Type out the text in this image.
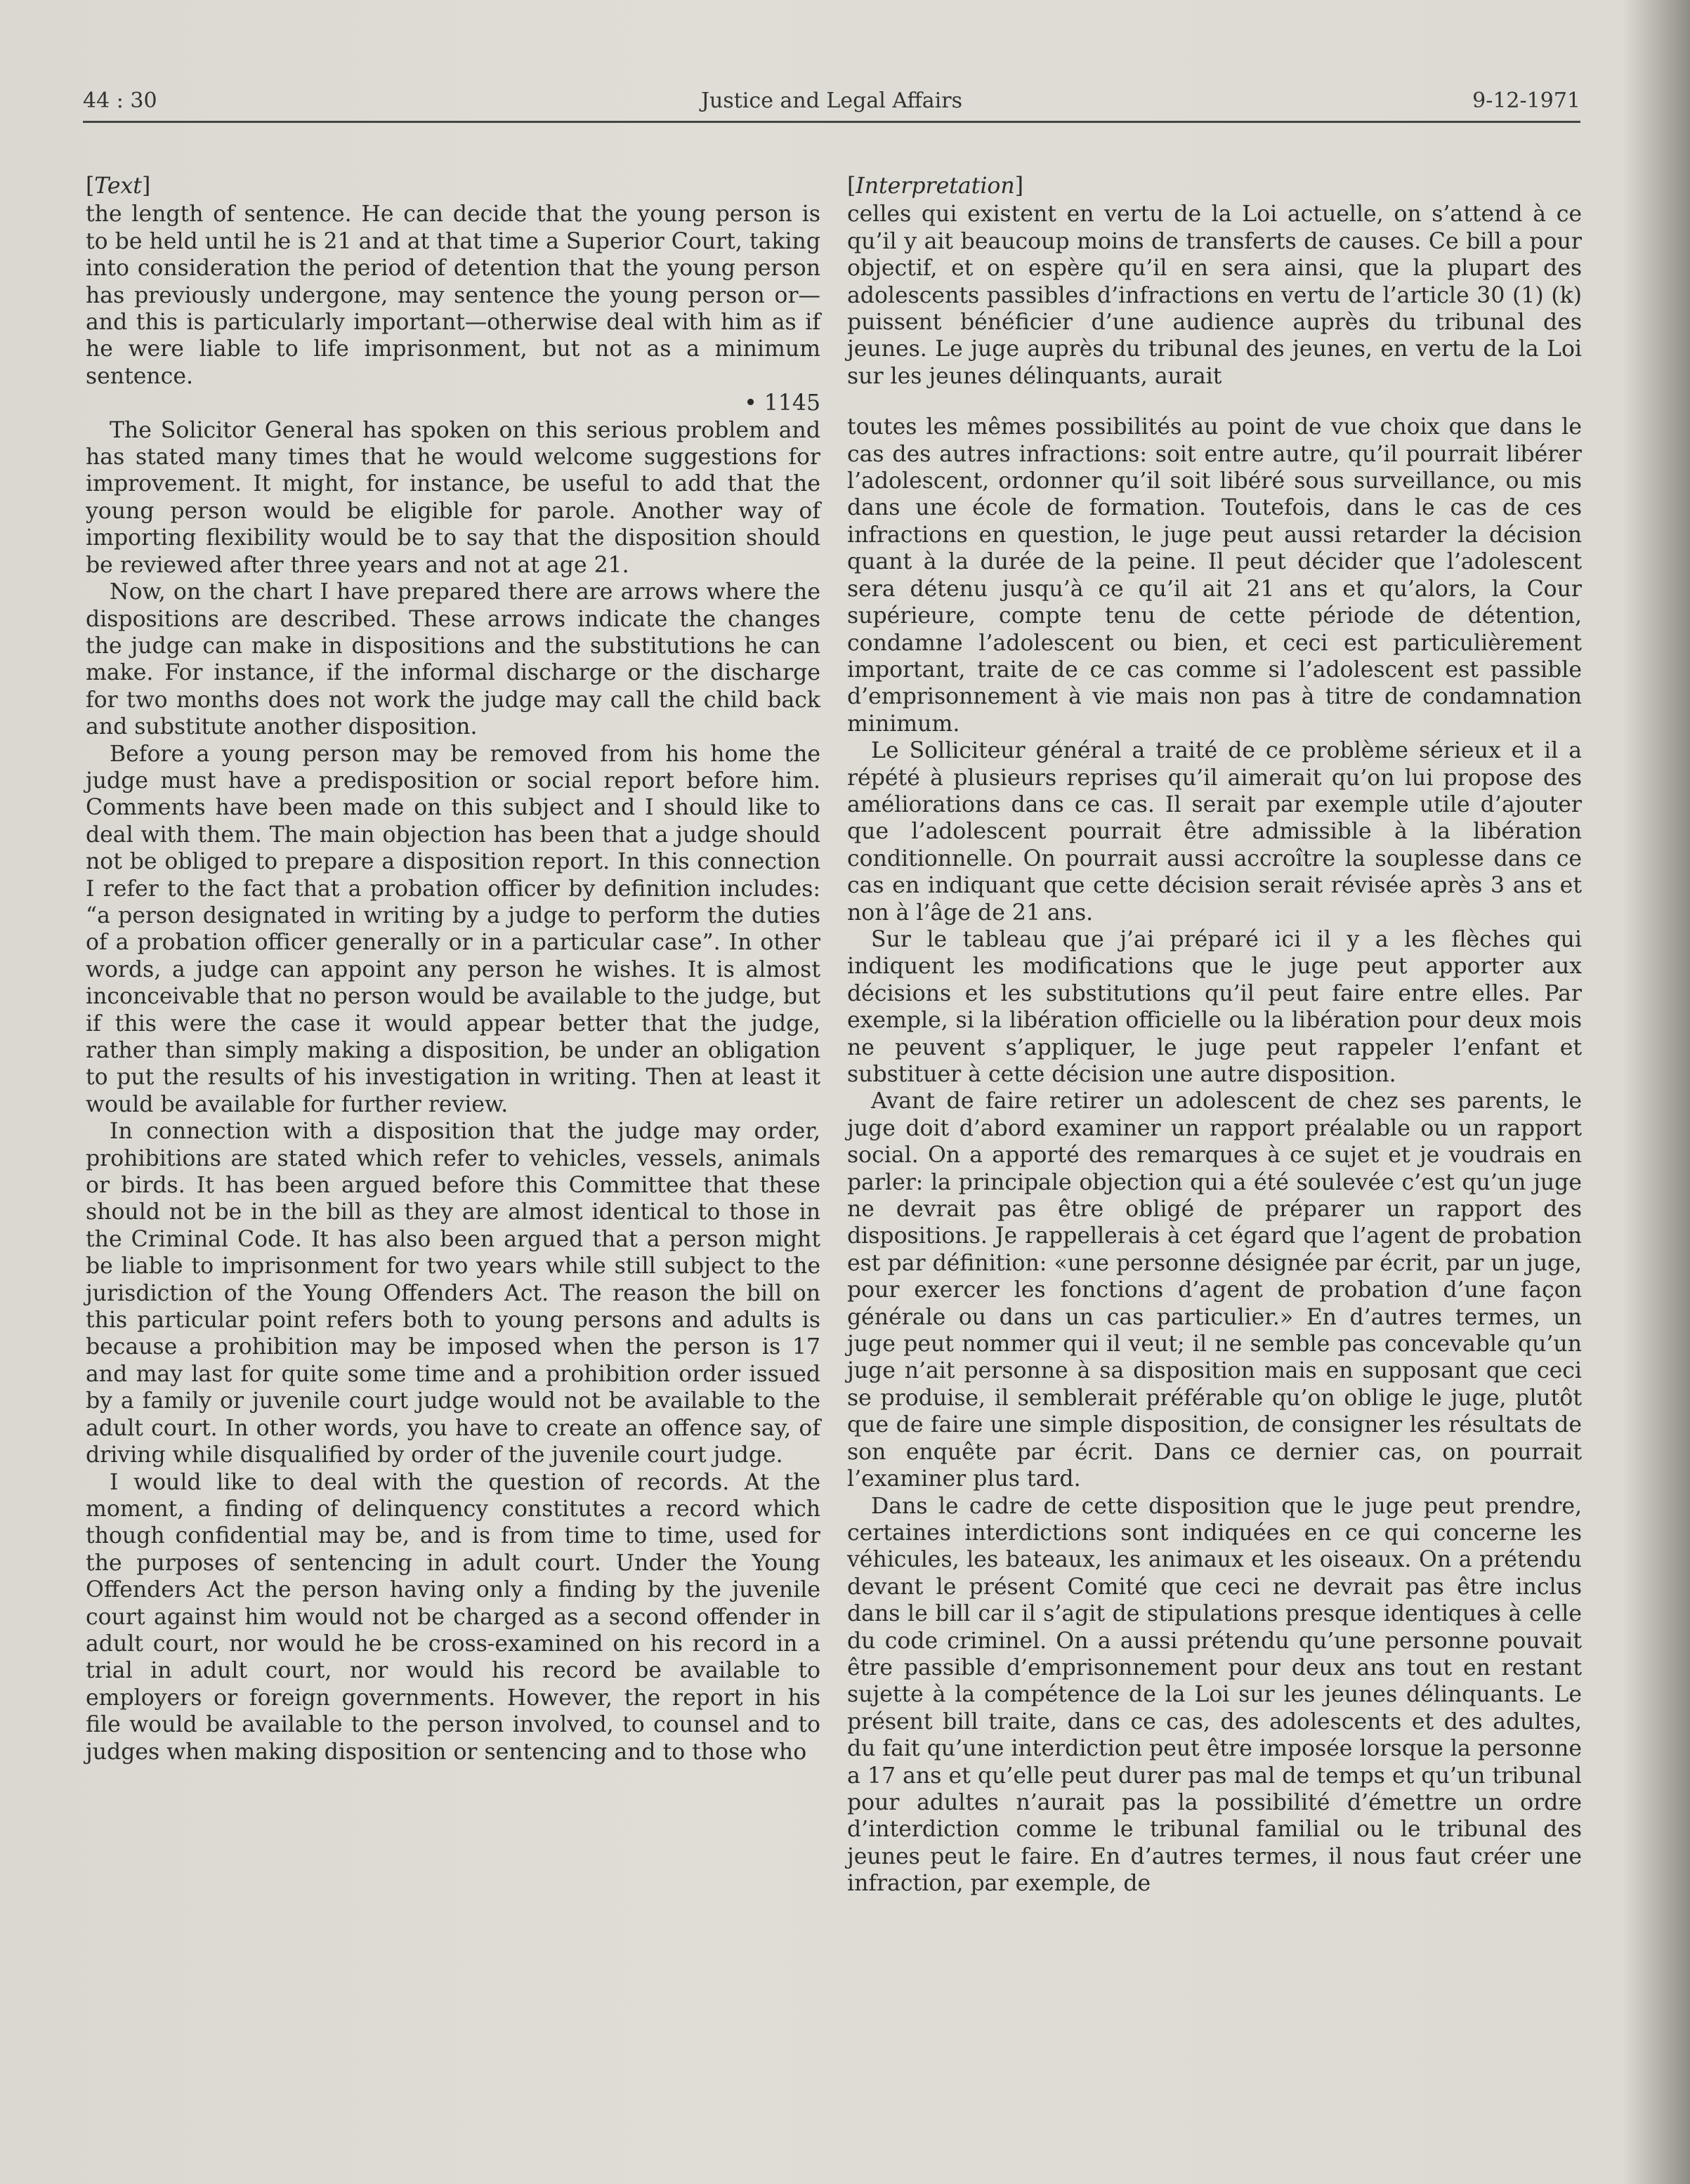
44 : 30	Justice and Legal Affairs	9-12-1971
[Text]

the length of sentence. He can decide that the young person is to be held until he is 21 and at that time a Superior Court, taking into consideration the period of detention that the young person has previously undergone, may sentence the young person or—and this is particularly important—otherwise deal with him as if he were liable to life imprisonment, but not as a minimum sentence.

• 1145

The Solicitor General has spoken on this serious problem and has stated many times that he would welcome suggestions for improvement. It might, for instance, be useful to add that the young person would be eligible for parole. Another way of importing flexibility would be to say that the disposition should be reviewed after three years and not at age 21.

Now, on the chart I have prepared there are arrows where the dispositions are described. These arrows indicate the changes the judge can make in dispositions and the substitutions he can make. For instance, if the informal discharge or the discharge for two months does not work the judge may call the child back and substitute another disposition.

Before a young person may be removed from his home the judge must have a predisposition or social report before him. Comments have been made on this subject and I should like to deal with them. The main objection has been that a judge should not be obliged to prepare a disposition report. In this connection I refer to the fact that a probation officer by definition includes: “a person designated in writing by a judge to perform the duties of a probation officer generally or in a particular case”. In other words, a judge can appoint any person he wishes. It is almost inconceivable that no person would be available to the judge, but if this were the case it would appear better that the judge, rather than simply making a disposition, be under an obligation to put the results of his investigation in writing. Then at least it would be available for further review.

In connection with a disposition that the judge may order, prohibitions are stated which refer to vehicles, vessels, animals or birds. It has been argued before this Committee that these should not be in the bill as they are almost identical to those in the Criminal Code. It has also been argued that a person might be liable to imprisonment for two years while still subject to the jurisdiction of the Young Offenders Act. The reason the bill on this particular point refers both to young persons and adults is because a prohibition may be imposed when the person is 17 and may last for quite some time and a prohibition order issued by a family or juvenile court judge would not be available to the adult court. In other words, you have to create an offence say, of driving while disqualified by order of the juvenile court judge.

I would like to deal with the question of records. At the moment, a finding of delinquency constitutes a record which though confidential may be, and is from time to time, used for the purposes of sentencing in adult court. Under the Young Offenders Act the person having only a finding by the juvenile court against him would not be charged as a second offender in adult court, nor would he be cross-examined on his record in a trial in adult court, nor would his record be available to employers or foreign governments. However, the report in his file would be available to the person involved, to counsel and to judges when making disposition or sentencing and to those who

[Interpretation]

celles qui existent en vertu de la Loi actuelle, on s’attend à ce qu’il y ait beaucoup moins de transferts de causes. Ce bill a pour objectif, et on espère qu’il en sera ainsi, que la plupart des adolescents passibles d’infractions en vertu de l’article 30 (1) (k) puissent bénéficier d’une audience auprès du tribunal des jeunes. Le juge auprès du tribunal des jeunes, en vertu de la Loi sur les jeunes délinquants, aurait

toutes les mêmes possibilités au point de vue choix que dans le cas des autres infractions: soit entre autre, qu’il pourrait libérer l’adolescent, ordonner qu’il soit libéré sous surveillance, ou mis dans une école de formation. Toutefois, dans le cas de ces infractions en question, le juge peut aussi retarder la décision quant à la durée de la peine. Il peut décider que l’adolescent sera détenu jusqu’à ce qu’il ait 21 ans et qu’alors, la Cour supérieure, compte tenu de cette période de détention, condamne l’adolescent ou bien, et ceci est particulièrement important, traite de ce cas comme si l’adolescent est passible d’emprisonnement à vie mais non pas à titre de condamnation minimum.

Le Solliciteur général a traité de ce problème sérieux et il a répété à plusieurs reprises qu’il aimerait qu’on lui propose des améliorations dans ce cas. Il serait par exemple utile d’ajouter que l’adolescent pourrait être admissible à la libération conditionnelle. On pourrait aussi accroître la souplesse dans ce cas en indiquant que cette décision serait révisée après 3 ans et non à l’âge de 21 ans.

Sur le tableau que j’ai préparé ici il y a les flèches qui indiquent les modifications que le juge peut apporter aux décisions et les substitutions qu’il peut faire entre elles. Par exemple, si la libération officielle ou la libération pour deux mois ne peuvent s’appliquer, le juge peut rappeler l’enfant et substituer à cette décision une autre disposition.

Avant de faire retirer un adolescent de chez ses parents, le juge doit d’abord examiner un rapport préalable ou un rapport social. On a apporté des remarques à ce sujet et je voudrais en parler: la principale objection qui a été soulevée c’est qu’un juge ne devrait pas être obligé de préparer un rapport des dispositions. Je rappellerais à cet égard que l’agent de probation est par définition: «une personne désignée par écrit, par un juge, pour exercer les fonctions d’agent de probation d’une façon générale ou dans un cas particulier.» En d’autres termes, un juge peut nommer qui il veut; il ne semble pas concevable qu’un juge n’ait personne à sa disposition mais en supposant que ceci se produise, il semblerait préférable qu’on oblige le juge, plutôt que de faire une simple disposition, de consigner les résultats de son enquête par écrit. Dans ce dernier cas, on pourrait l’examiner plus tard.

Dans le cadre de cette disposition que le juge peut prendre, certaines interdictions sont indiquées en ce qui concerne les véhicules, les bateaux, les animaux et les oiseaux. On a prétendu devant le présent Comité que ceci ne devrait pas être inclus dans le bill car il s’agit de stipulations presque identiques à celle du code criminel. On a aussi prétendu qu’une personne pouvait être passible d’emprisonnement pour deux ans tout en restant sujette à la compétence de la Loi sur les jeunes délinquants. Le présent bill traite, dans ce cas, des adolescents et des adultes, du fait qu’une interdiction peut être imposée lorsque la personne a 17 ans et qu’elle peut durer pas mal de temps et qu’un tribunal pour adultes n’aurait pas la possibilité d’émettre un ordre d’interdiction comme le tribunal familial ou le tribunal des jeunes peut le faire. En d’autres termes, il nous faut créer une infraction, par exemple, de
